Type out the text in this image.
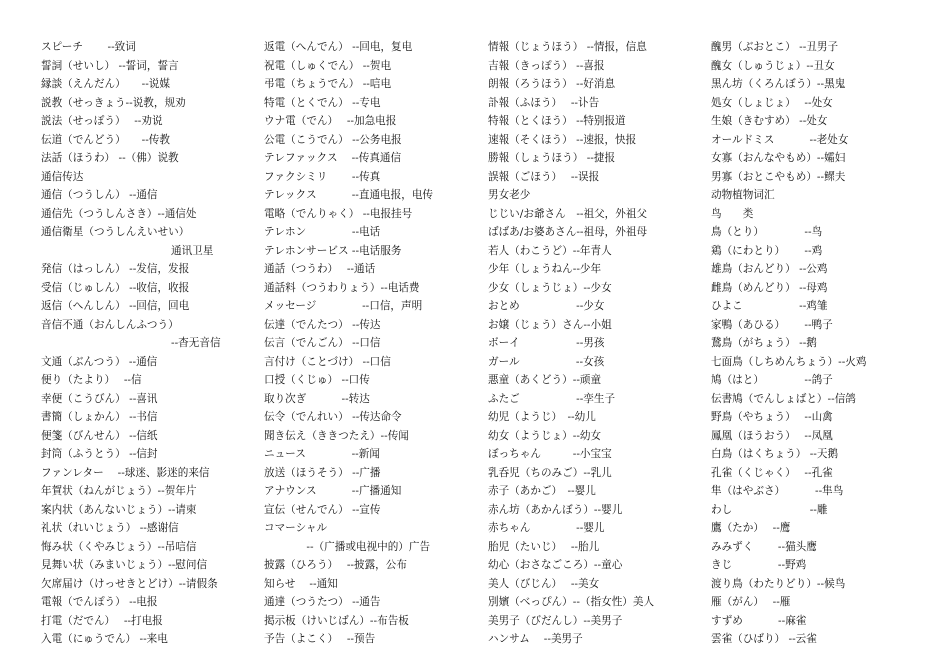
スピーチ　　 --致词
誓詞（せいし） --誓词，誓言
縁談（えんだん）　　--说媒
説教（せっきょう--说教，规劝
説法（せっぽう）　 --劝说
伝道（でんどう）　　--传教
法話（ほうわ） --（佛）说教
通信传达
通信（つうしん） --通信
通信先（つうしんさき）--通信处
通信衛星（つうしんえいせい）
通讯卫星
発信（はっしん） --发信，发报
受信（じゅしん） --收信，收报
返信（へんしん） --回信，回电
音信不通（おんしんふつう）
--杳无音信
文通（ぶんつう） --通信
便り（たより）　 --信
幸便（こうびん） --喜讯
書簡（しょかん） --书信
便箋（びんせん） --信纸
封筒（ふうとう） --信封
ファンレター　 --球迷、影迷的来信
年賀状（ねんがじょう）--贺年片
案内状（あんないじょう）--请柬
礼状（れいじょう） --感谢信
悔み状（くやみじょう）--吊唁信
見舞い状（みまいじょう）--慰问信
欠席届け（けっせきとどけ）--请假条
電報（でんぽう） --电报
打電（だでん）　 --打电报
入電（にゅうでん） --来电
返電（へんでん） --回电，复电
祝電（しゅくでん） --贺电
弔電（ちょうでん） --唁电
特電（とくでん） --专电
ウナ電（でん）　 --加急电报
公電（こうでん） --公务电报
テレファックス　 --传真通信
ファクシミリ　　 --传真
テレックス　　　 --直通电报，电传
電略（でんりゃく） --电报挂号
テレホン　　　　 --电话
テレホンサービス --电话服务
通話（つうわ）　 --通话
通話料（つうわりょう）--电话费
メッセージ　　　　 --口信，声明
伝達（でんたつ） --传达
伝言（でんごん） --口信
言付け（ことづけ） --口信
口授（くじゅ） --口传
取り次ぎ　　　 --转达
伝令（でんれい） --传达命令
聞き伝え（ききつたえ）--传闻
ニュース　　　　 --新闻
放送（ほうそう） --广播
アナウンス　　　 --广播通知
宣伝（せんでん） --宣传
コマーシャル
　　　　--（广播或电视中的）广告
披露（ひろう）　 --披露，公布
知らせ　 --通知
通達（つうたつ） --通告
掲示板（けいじばん）--布告板
予告（よこく）　 --预告
情報（じょうほう） --情报，信息
吉報（きっぽう） --喜报
朗報（ろうほう） --好消息
訃報（ふほう）　 --讣告
特報（とくほう） --特别报道
速報（そくほう） --速报，快报
勝報（しょうほう） --捷报
誤報（ごほう）　 --误报
男女老少
じじい/お爺さん　--祖父，外祖父
ばばあ/お婆あさん--祖母，外祖母
若人（わこうど）--年青人
少年（しょうねん--少年
少女（しょうじょ）--少女
おとめ　　　　　 --少女
お嬢（じょう）さん--小姐
ボーイ　　　　　 --男孩
ガール　　　　　 --女孩
悪童（あくどう）--顽童
ふたご　　　　　 --孪生子
幼児（ようじ）　--幼儿
幼女（ようじょ）--幼女
ぼっちゃん　　　--小宝宝
乳呑児（ちのみご）--乳儿
赤子（あかご）　--婴儿
赤ん坊（あかんぼう）--婴儿
赤ちゃん　　　　 --婴儿
胎児（たいじ）　 --胎儿
幼心（おさなごころ）--童心
美人（びじん）　 --美女
別嬪（べっぴん）--（指女性）美人
美男子（びだんし）--美男子
ハンサム　 --美男子
醜男（ぶおとこ） --丑男子
醜女（しゅうじょ）--丑女
黒ん坊（くろんぼう）--黑鬼
処女（しょじょ）　 --处女
生娘（きむすめ） --处女
オールドミス　　　 --老处女
女寡（おんなやもめ）--孀妇
男寡（おとこやもめ）--鳏夫
动物植物词汇
鸟　　类
鳥（とり）　　　　 --鸟
鶏（にわとり）　　 --鸡
雄鳥（おんどり） --公鸡
雌鳥（めんどり） --母鸡
ひよこ　　　　　 --鸡雏
家鴨（あひる）　　 --鸭子
鵞鳥（がちょう） --鹅
七面鳥（しちめんちょう）--火鸡
鳩（はと）　　　　 --鸽子
伝書鳩（でんしょばと）--信鸽
野鳥（やちょう）　 --山禽
鳳凰（ほうおう）　 --凤凰
白鳥（はくちょう） --天鹅
孔雀（くじゃく）　 --孔雀
隼（はやぶさ）　　　 --隼鸟
わし　　　　　　　 --雕
鷹（たか）　 --鹰
みみずく　　 --猫头鹰
きじ　　　　 --野鸡
渡り鳥（わたりどり）--候鸟
雁（がん）　 --雁
すずめ　　　 --麻雀
雲雀（ひばり） --云雀
